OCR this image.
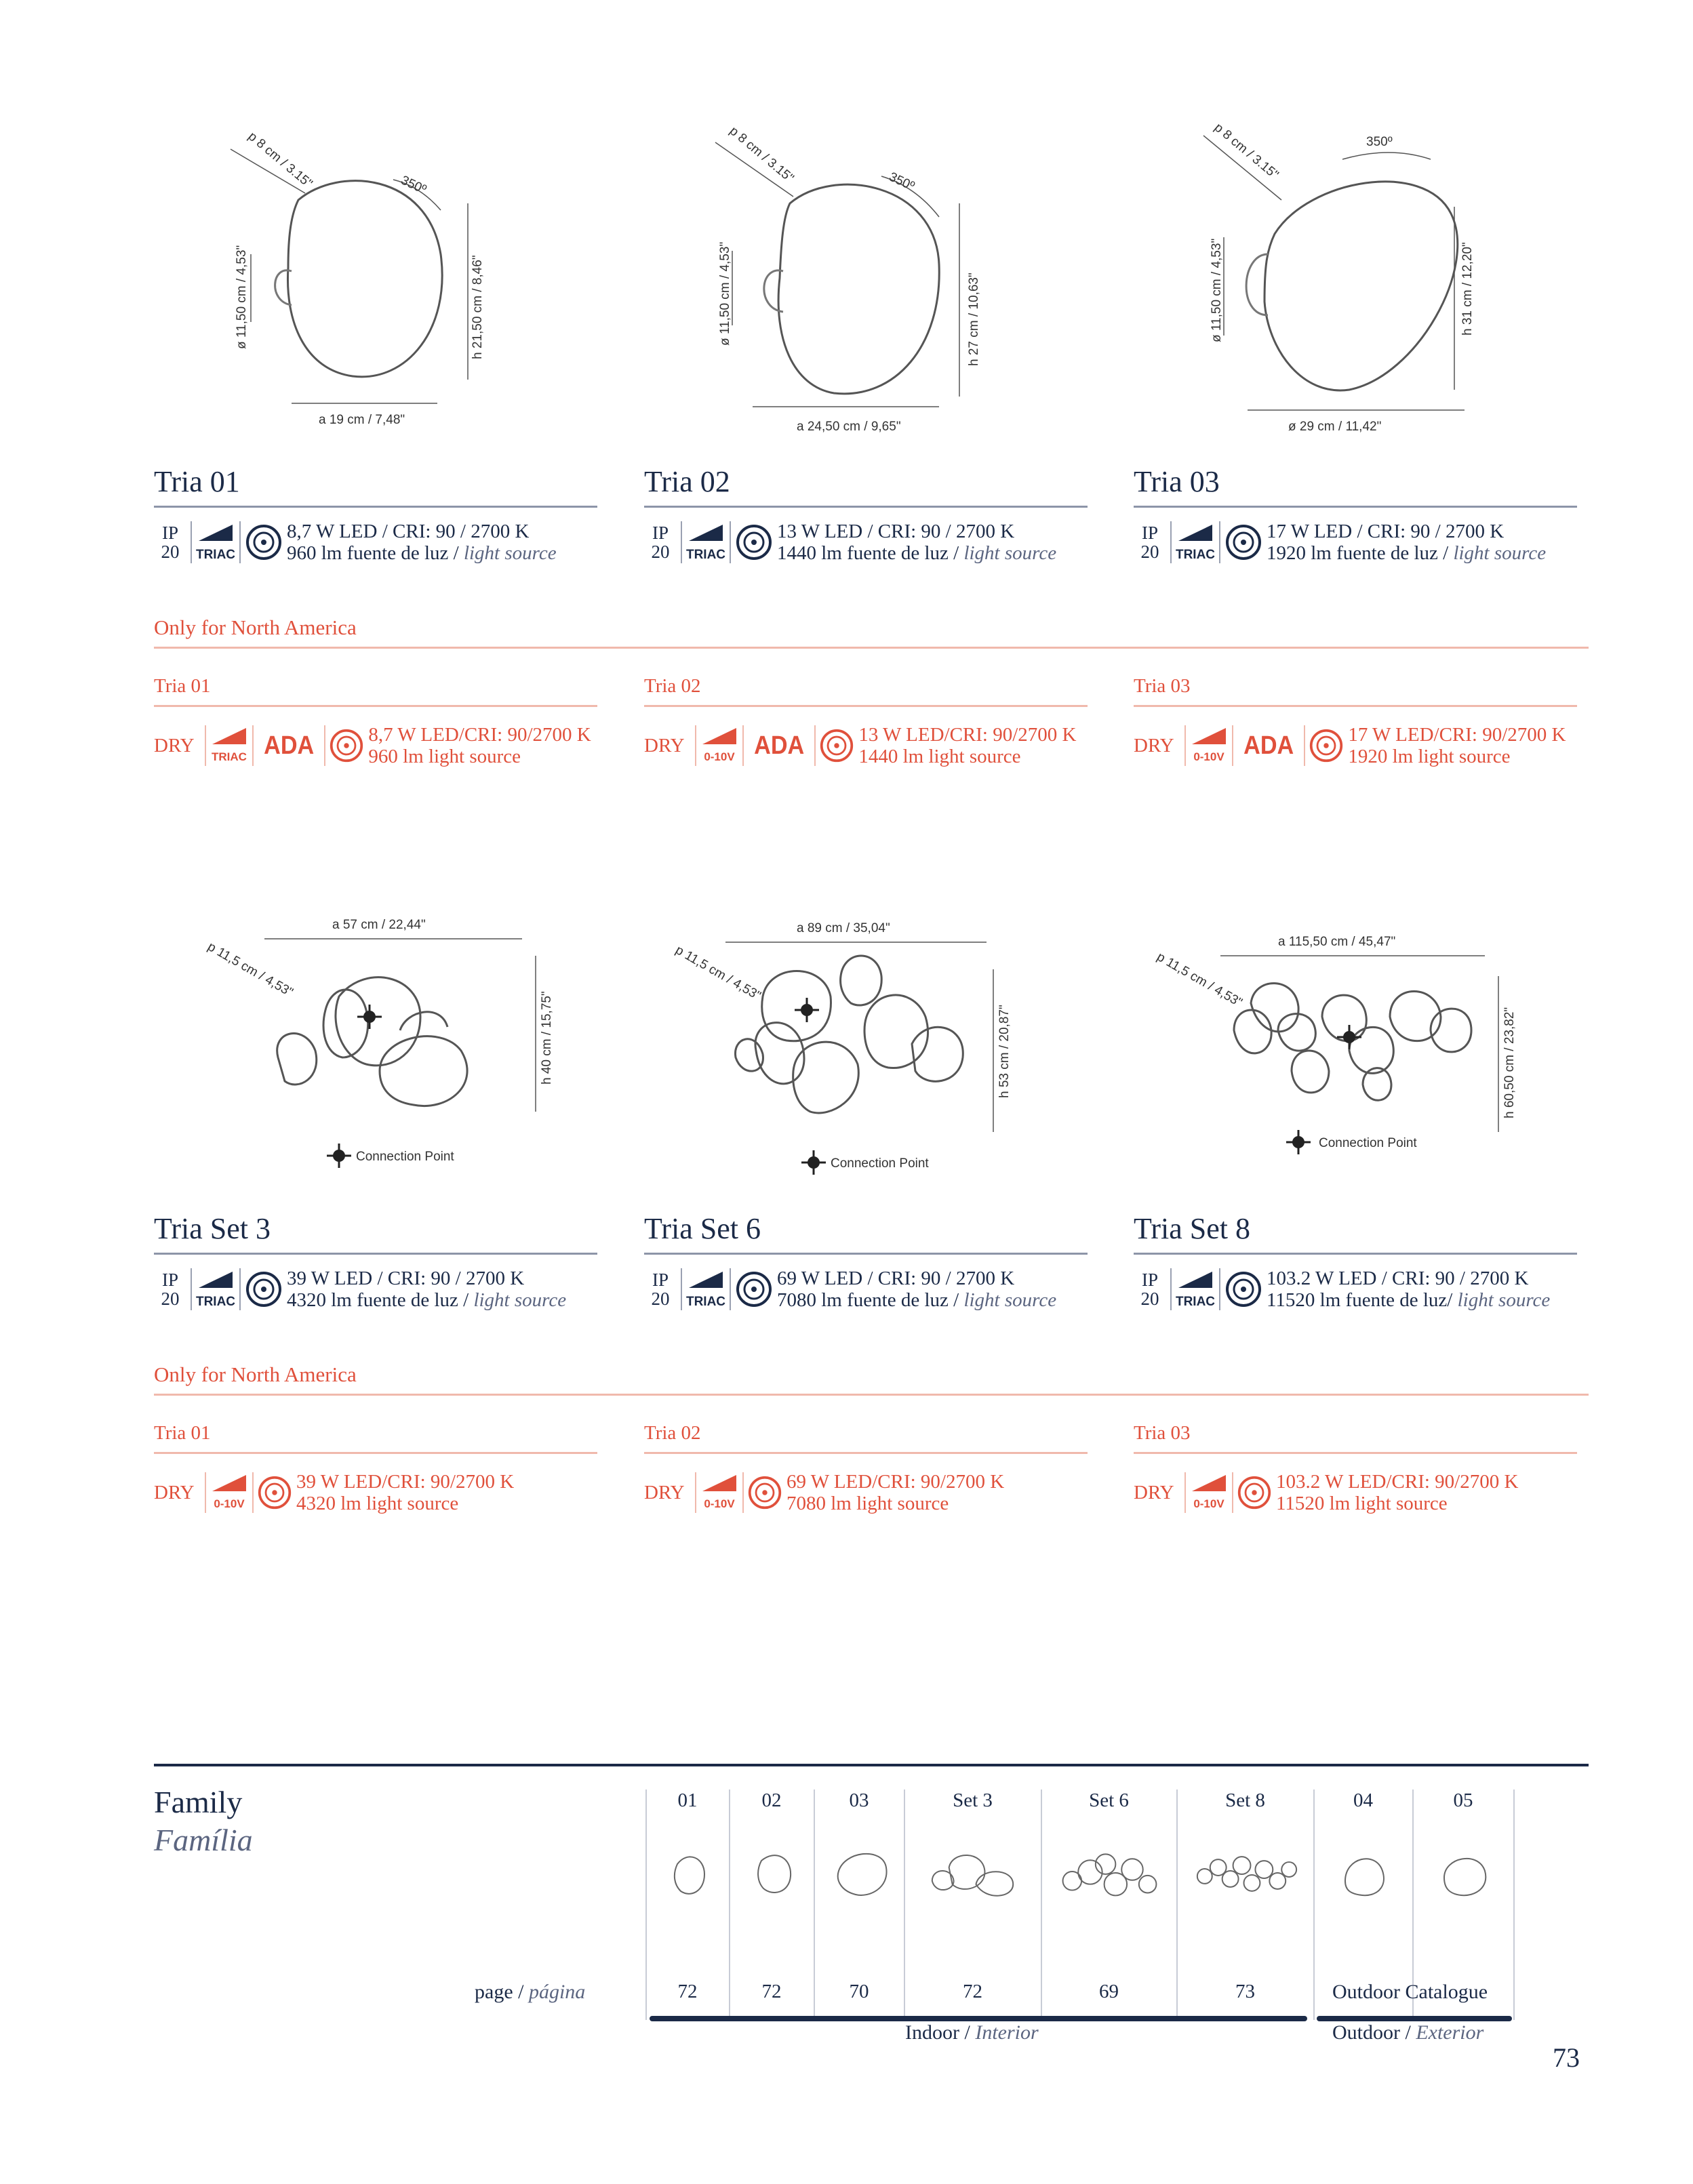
p 8 cm / 3.15"	350º
h 21,50 cm / 8,46"
ø 11,50 cm / 4,53"
a 19 cm / 7,48"
p 8 cm / 3.15"	350º
h 27 cm / 10,63"
ø 11,50 cm / 4,53"
a 24,50 cm / 9,65"
p 8 cm / 3.15"	350º
h 31 cm / 12,20"
ø 11,50 cm / 4,53"
ø 29 cm / 11,42"
Tria 01
IP
20	TRIAC
8,7 W LED / CRI: 90 / 2700 K
960 lm fuente de luz / light source
Tria 02
IP
20	TRIAC
13 W LED / CRI: 90 / 2700 K
1440 lm fuente de luz / light source
Tria 03
IP
20	TRIAC
17 W LED / CRI: 90 / 2700 K
1920 lm fuente de luz / light source
Only for North America
Tria 01
DRY
TRIAC ADA	8,7 W LED/CRI: 90/2700 K
960 lm light source
Tria 02
DRY
0-10V ADA	13 W LED/CRI: 90/2700 K
1440 lm light source
Tria 03
DRY
0-10V ADA	17 W LED/CRI: 90/2700 K
1920 lm light source
a 57 cm / 22,44"
p 11,5 cm / 4,53"
h 40 cm / 15,75"
Connection Point
a 89 cm / 35,04"
p 11,5 cm / 4,53"
h 53 cm / 20,87"
Connection Point
a 115,50 cm / 45,47"
p 11,5 cm / 4,53"
h 60,50 cm / 23,82"
Connection Point
Tria Set 3
IP
20	TRIAC
39 W LED / CRI: 90 / 2700 K
4320 lm fuente de luz / light source
Tria Set 6
IP
20	TRIAC
69 W LED / CRI: 90 / 2700 K
7080 lm fuente de luz / light source
Tria Set 8
IP
20	TRIAC
103.2 W LED / CRI: 90 / 2700 K
11520 lm fuente de luz/ light source
Only for North America
Tria 01
DRY
0-10V
39 W LED/CRI: 90/2700 K
4320 lm light source
Tria 02
DRY
0-10V
69 W LED/CRI: 90/2700 K
7080 lm light source
Tria 03
DRY
0-10V
103.2 W LED/CRI: 90/2700 K
11520 lm light source
Family
Família
01
72
02
72
03
70
Set 3
72
Set 6
69
Set 8
73
04	05
Outdoor Catalogue
page / página
Indoor / Interior	Outdoor / Exterior
73
